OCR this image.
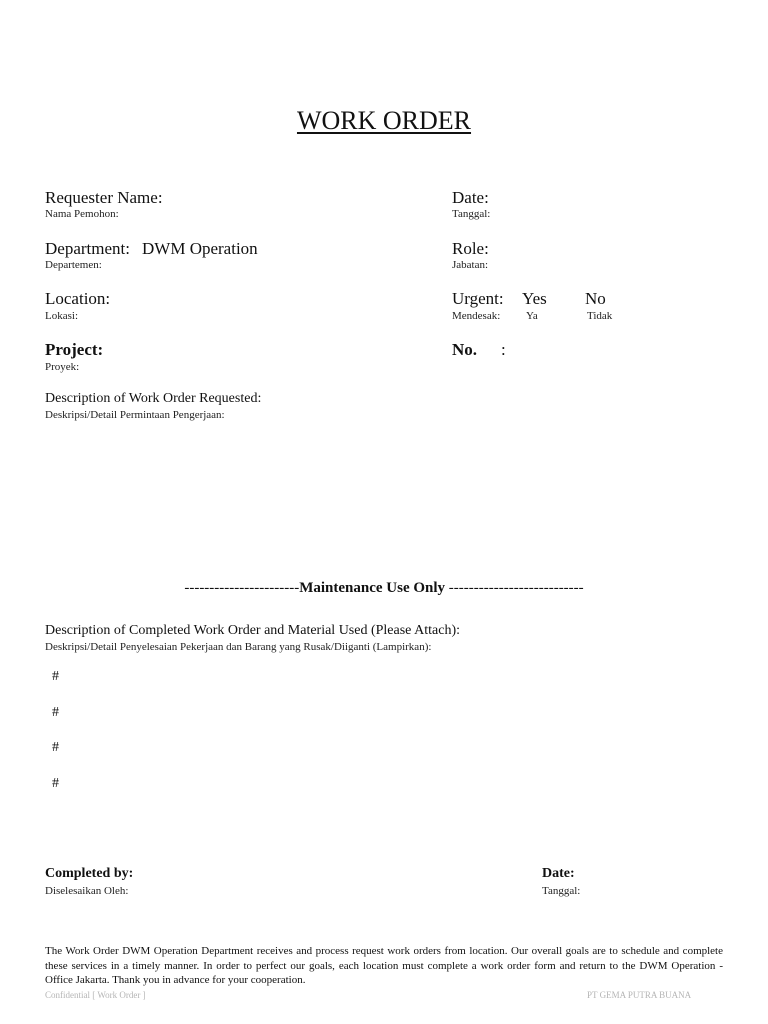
WORK ORDER
Requester Name:
Nama Pemohon:
Date:
Tanggal:
Department: DWM Operation
Departemen:
Role:
Jabatan:
Location:
Lokasi:
Urgent: Yes No
Mendesak: Ya	Tidak
Project:
Proyek:
No. :
Description of Work Order Requested:
Deskripsi/Detail Permintaan Pengerjaan:
-----------------------Maintenance Use Only ---------------------------
Description of Completed Work Order and Material Used (Please Attach):
Deskripsi/Detail Penyelesaian Pekerjaan dan Barang yang Rusak/Diiganti (Lampirkan):
#
#
#
#
Completed by:
Diselesaikan Oleh:
Date:
Tanggal:
The Work Order DWM Operation Department receives and process request work orders from location. Our overall goals are to schedule and complete these services in a timely manner. In order to perfect our goals, each location must complete a work order form and return to the DWM Operation - Office Jakarta. Thank you in advance for your cooperation.
Confidential [ Work Order ]	PT GEMA PUTRA BUANA
